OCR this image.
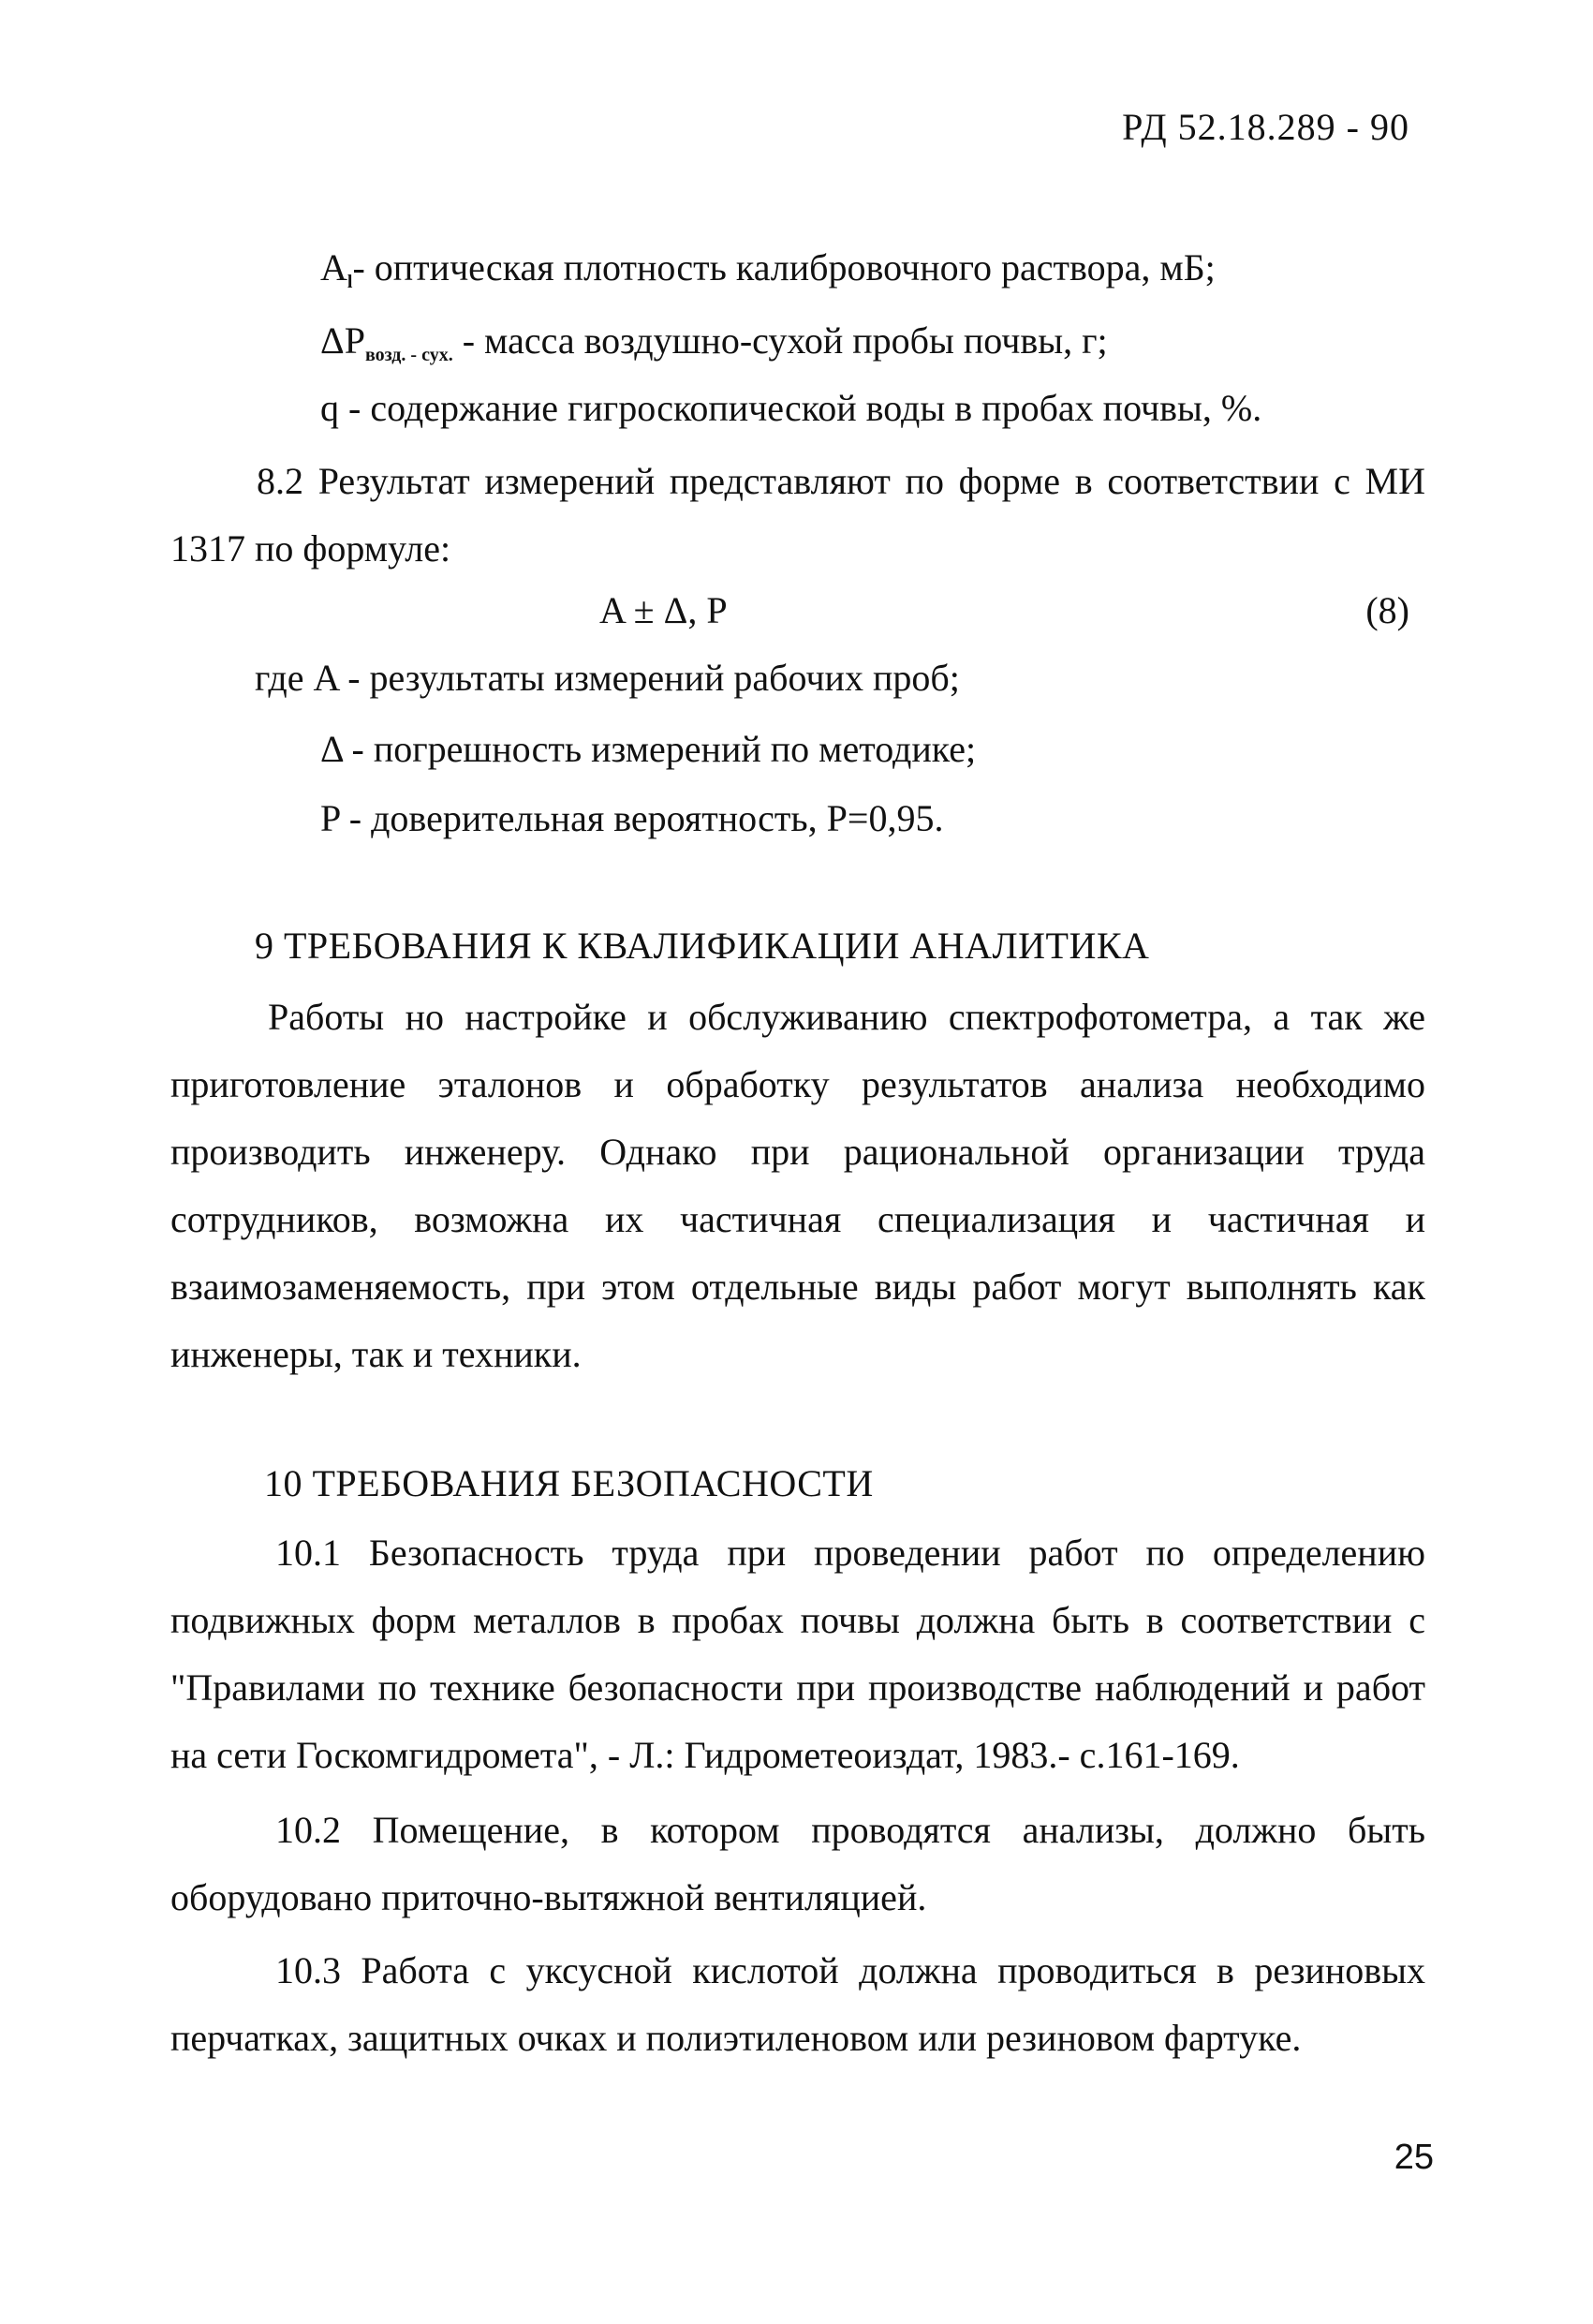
РД 52.18.289 - 90
$A_l-$ оптическая плотность калибровочного раствора, мБ;
$\Delta P_{возд. - сух.}$ - масса воздушно-сухой пробы почвы, г;
q - содержание гигроскопической воды в пробах почвы, %.
8.2 Результат измерений представляют по форме в соответствии с МИ 1317 по формуле:
A ± Δ, P	(8)
где A - результаты измерений рабочих проб;
Δ - погрешность измерений по методике;
P - доверительная вероятность, P=0,95.
9 ТРЕБОВАНИЯ К КВАЛИФИКАЦИИ АНАЛИТИКА
Работы но настройке и обслуживанию спектрофотометра, а так же приготовление эталонов и обработку результатов анализа необходимо производить инженеру. Однако при рациональной организации труда сотрудников, возможна их частичная специализация и частичная и взаимозаменяемость, при этом отдельные виды работ могут выполнять как инженеры, так и техники.
10 ТРЕБОВАНИЯ БЕЗОПАСНОСТИ
10.1 Безопасность труда при проведении работ по определению подвижных форм металлов в пробах почвы должна быть в соответствии с "Правилами по технике безопасности при производстве наблюдений и работ на сети Госкомгидромета", - Л.: Гидрометеоиздат, 1983.- с.161-169.
10.2 Помещение, в котором проводятся анализы, должно быть оборудовано приточно-вытяжной вентиляцией.
10.3 Работа с уксусной кислотой должна проводиться в резиновых перчатках, защитных очках и полиэтиленовом или резиновом фартуке.
25
